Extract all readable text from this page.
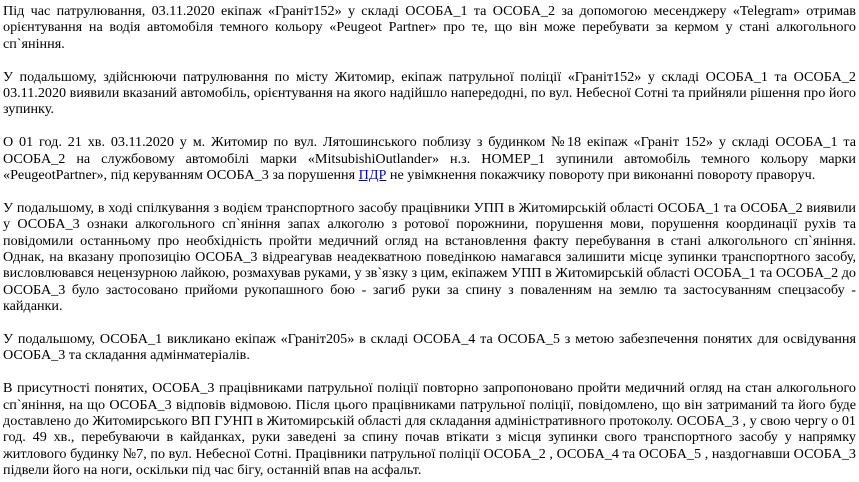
Під час патрулювання, 03.11.2020 екіпаж «Граніт152» у складі ОСОБА_1 та ОСОБА_2 за допомогою месенджеру «Telegram» отримав орієнтування на водія автомобіля темного кольору «Peugeot Partner» про те, що він може перебувати за кермом у стані алкогольного сп`яніння.

У подальшому, здійснюючи патрулювання по місту Житомир, екіпаж патрульної поліції «Граніт152» у складі ОСОБА_1 та ОСОБА_2 03.11.2020 виявили вказаний автомобіль, орієнтування на якого надійшло напередодні, по вул. Небесної Сотні та прийняли рішення про його зупинку.

О 01 год. 21 хв. 03.11.2020 у м. Житомир по вул. Лятошинського поблизу з будинком №18 екіпаж «Граніт 152» у складі ОСОБА_1 та ОСОБА_2 на службовому автомобілі марки «MitsubishiOutlander» н.з. НОМЕР_1 зупинили автомобіль темного кольору марки «PeugeotPartner», під керуванням ОСОБА_3 за порушення ПДР не увімкнення покажчику повороту при виконанні повороту праворуч.

У подальшому, в ході спілкування з водієм транспортного засобу працівники УПП в Житомирській області ОСОБА_1 та ОСОБА_2 виявили у ОСОБА_3 ознаки алкогольного сп`яніння запах алкоголю з ротової порожнини, порушення мови, порушення координації рухів та повідомили останньому про необхідність пройти медичний огляд на встановлення факту перебування в стані алкогольного сп`яніння. Однак, на вказану пропозицію ОСОБА_3 відреагував неадекватною поведінкою намагався залишити місце зупинки транспортного засобу, висловлювався нецензурною лайкою, розмахував руками, у зв`язку з цим, екіпажем УПП в Житомирській області ОСОБА_1 та ОСОБА_2 до ОСОБА_3 було застосовано прийоми рукопашного бою - загиб руки за спину з поваленням на землю та застосуванням спецзасобу - кайданки.

У подальшому, ОСОБА_1 викликано екіпаж «Граніт205» в складі ОСОБА_4 та ОСОБА_5 з метою забезпечення понятих для освідування ОСОБА_3 та складання адмінматеріалів.

В присутності понятих, ОСОБА_3 працівниками патрульної поліції повторно запропоновано пройти медичний огляд на стан алкогольного сп`яніння, на що ОСОБА_3 відповів відмовою. Після цього працівниками патрульної поліції, повідомлено, що він затриманий та його буде доставлено до Житомирського ВП ГУНП в Житомирській області для складання адміністративного протоколу. ОСОБА_3 , у свою чергу о 01 год. 49 хв., перебуваючи в кайданках, руки заведені за спину почав втікати з місця зупинки свого транспортного засобу у напрямку житлового будинку №7, по вул. Небесної Сотні. Працівники патрульної поліції ОСОБА_2 , ОСОБА_4 та ОСОБА_5 , наздогнавши ОСОБА_3 підвели його на ноги, оскільки під час бігу, останній впав на асфальт.
